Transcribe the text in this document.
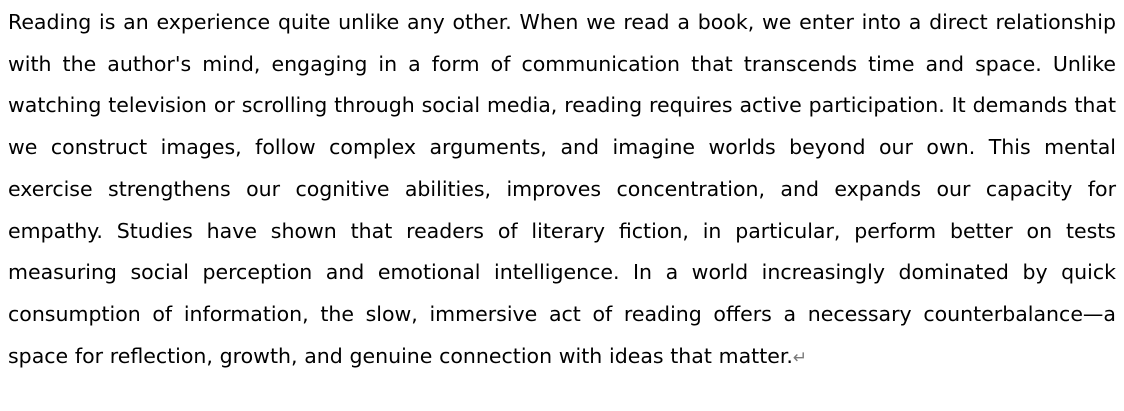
Reading is an experience quite unlike any other. When we read a book, we enter into a direct relationship with the author's mind, engaging in a form of communication that transcends time and space. Unlike watching television or scrolling through social media, reading requires active participation. It demands that we construct images, follow complex arguments, and imagine worlds beyond our own. This mental exercise strengthens our cognitive abilities, improves concentration, and expands our capacity for empathy. Studies have shown that readers of literary fiction, in particular, perform better on tests measuring social perception and emotional intelligence. In a world increasingly dominated by quick consumption of information, the slow, immersive act of reading offers a necessary counterbalance—a space for reflection, growth, and genuine connection with ideas that matter.↵
